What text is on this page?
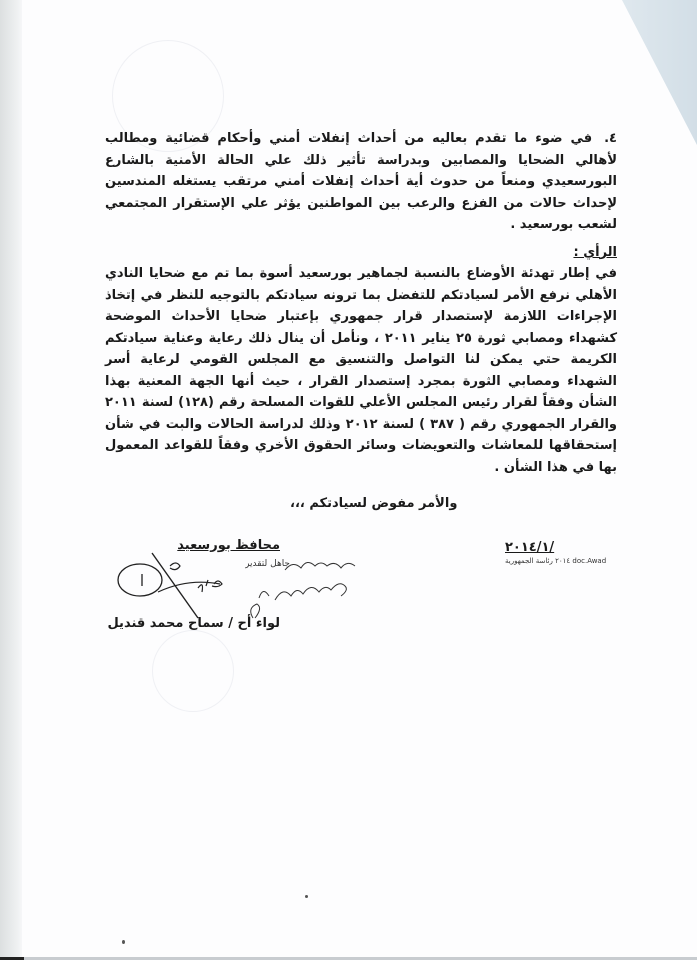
٤. في ضوء ما تقدم بعاليه من أحداث إنفلات أمني وأحكام قضائية ومطالب لأهالي الضحايا والمصابين وبدراسة تأثير ذلك علي الحالة الأمنية بالشارع البورسعيدي ومنعاً من حدوث أية أحداث إنفلات أمني مرتقب يستغله المندسين لإحداث حالات من الفزع والرعب بين المواطنين يؤثر علي الإستقرار المجتمعي لشعب بورسعيد .

الرأي :

في إطار تهدئة الأوضاع بالنسبة لجماهير بورسعيد أسوة بما تم مع ضحايا النادي الأهلي نرفع الأمر لسيادتكم للتفضل بما ترونه سيادتكم بالتوجيه للنظر في إتخاذ الإجراءات اللازمة لإستصدار قرار جمهوري بإعتبار ضحايا الأحداث الموضحة كشهداء ومصابي ثورة ٢٥ يناير ٢٠١١ ، ونأمل أن ينال ذلك رعاية وعناية سيادتكم الكريمة حتي يمكن لنا التواصل والتنسيق مع المجلس القومي لرعاية أسر الشهداء ومصابي الثورة بمجرد إستصدار القرار ، حيث أنها الجهة المعنية بهذا الشأن وفقاً لقرار رئيس المجلس الأعلي للقوات المسلحة رقم (١٢٨) لسنة ٢٠١١ والقرار الجمهوري رقم ( ٣٨٧ ) لسنة ٢٠١٢ وذلك لدراسة الحالات والبت في شأن إستحقاقها للمعاشات والتعويضات وسائر الحقوق الأخري وفقاً للقواعد المعمول بها في هذا الشأن .

والأمر مفوض لسيادتكم ،،،
محافظ بورسعيد
لواء أح / سماح محمد قنديل
جاهل لتقدير
٢٠١٤/١/
doc.Awad ٢٠١٤ رئاسة الجمهورية
